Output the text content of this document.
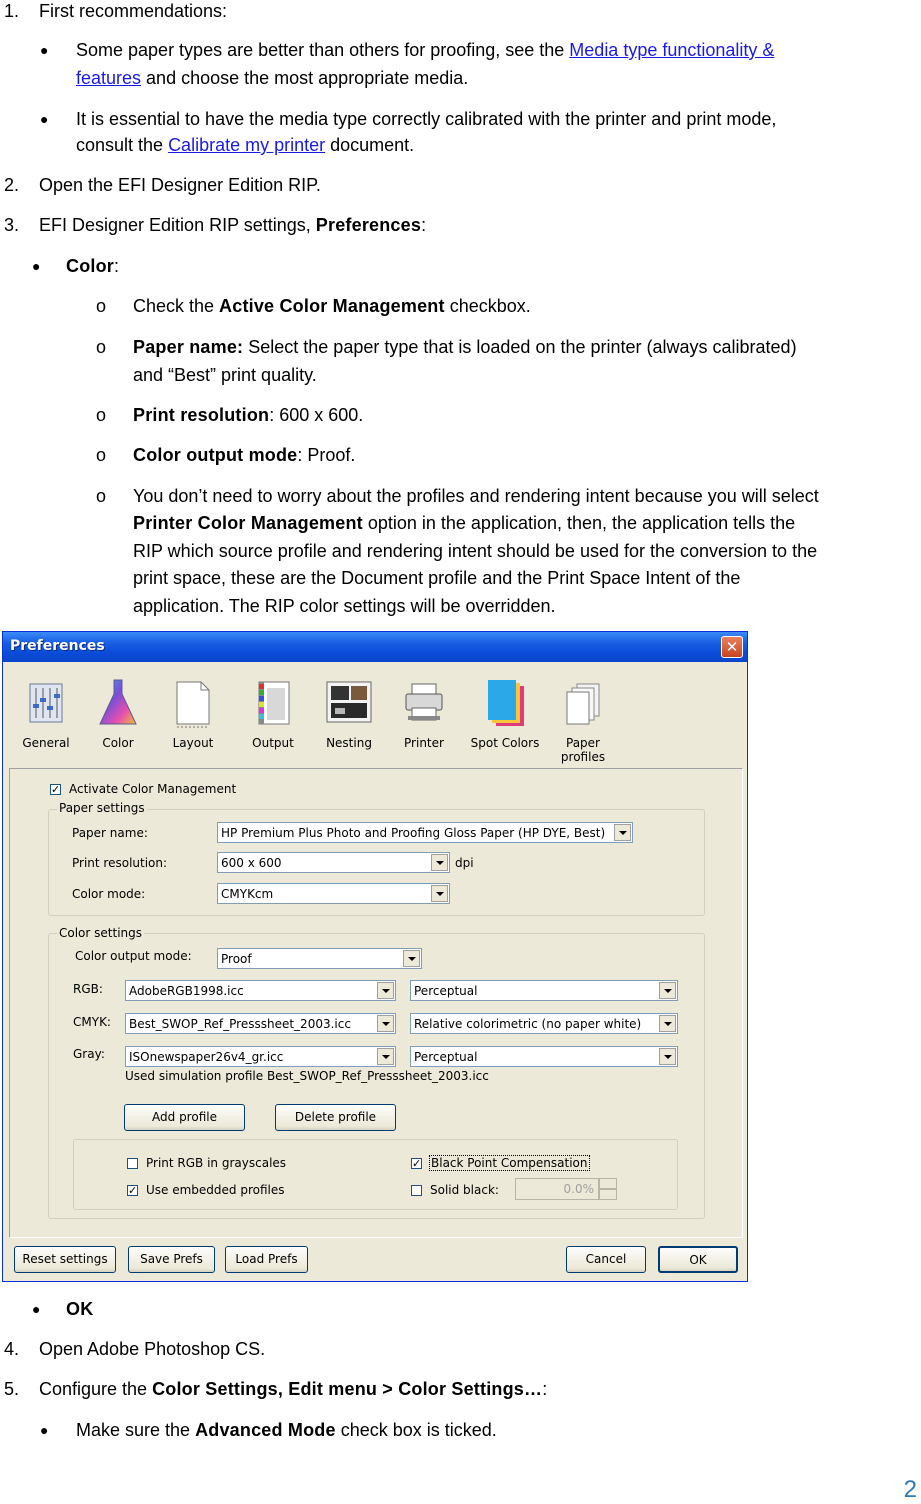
1. First recommendations:
● Some paper types are better than others for proofing, see the Media type functionality &
features and choose the most appropriate media.
● It is essential to have the media type correctly calibrated with the printer and print mode,
consult the Calibrate my printer document.
2. Open the EFI Designer Edition RIP.
3. EFI Designer Edition RIP settings, Preferences:
● Color:
o Check the Active Color Management checkbox.
o Paper name: Select the paper type that is loaded on the printer (always calibrated)
and “Best” print quality.
o Print resolution: 600 x 600.
o Color output mode: Proof.
o You don’t need to worry about the profiles and rendering intent because you will select
Printer Color Management option in the application, then, the application tells the
RIP which source profile and rendering intent should be used for the conversion to the
print space, these are the Document profile and the Print Space Intent of the
application. The RIP color settings will be overridden.
Preferences	✕
General	Color	Layout	Output	Nesting	Printer	Spot Colors	Paper profiles
✓
Activate Color Management
Paper settings
Paper name:	HP Premium Plus Photo and Proofing Gloss Paper (HP DYE, Best)
Print resolution:	600 x 600	dpi
Color mode:	CMYKcm
Color settings
Color output mode: Proof
RGB: AdobeRGB1998.icc	Perceptual
CMYK: Best_SWOP_Ref_Presssheet_2003.icc	Relative colorimetric (no paper white)
Gray: ISOnewspaper26v4_gr.icc	Perceptual
Used simulation profile Best_SWOP_Ref_Presssheet_2003.icc
Add profile	Delete profile
Print RGB in grayscales
✓
Use embedded profiles
✓
Black Point Compensation
Solid black:	0.0%
Reset settings	Save Prefs	Load Prefs	Cancel	OK
● OK
4. Open Adobe Photoshop CS.
5. Configure the Color Settings, Edit menu > Color Settings…:
● Make sure the Advanced Mode check box is ticked.
2
